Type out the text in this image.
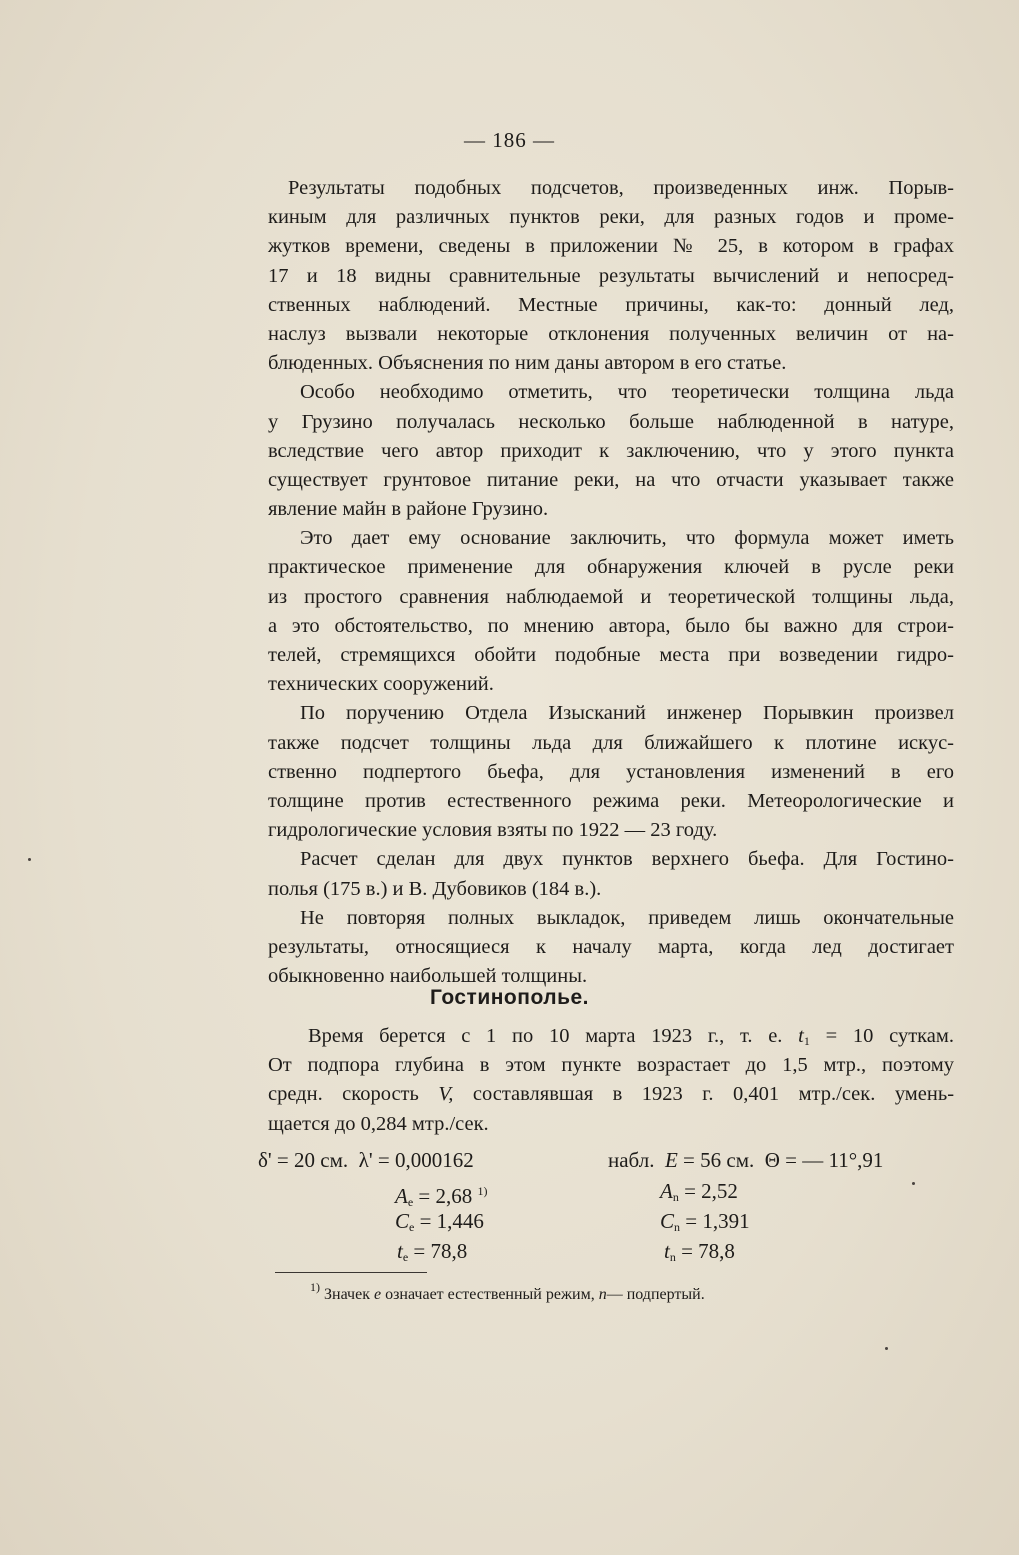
— 186 —
Результаты подобных подсчетов, произведенных инж. Порыв-
киным для различных пунктов реки, для разных годов и проме-
жутков времени, сведены в приложении № 25, в котором в графах
17 и 18 видны сравнительные результаты вычислений и непосред-
ственных наблюдений. Местные причины, как-то: донный лед,
наслуз вызвали некоторые отклонения полученных величин от на-
блюденных. Объяснения по ним даны автором в его статье.
Особо необходимо отметить, что теоретически толщина льда
у Грузино получалась несколько больше наблюденной в натуре,
вследствие чего автор приходит к заключению, что у этого пункта
существует грунтовое питание реки, на что отчасти указывает также
явление майн в районе Грузино.
Это дает ему основание заключить, что формула может иметь
практическое применение для обнаружения ключей в русле реки
из простого сравнения наблюдаемой и теоретической толщины льда,
а это обстоятельство, по мнению автора, было бы важно для строи-
телей, стремящихся обойти подобные места при возведении гидро-
технических сооружений.
По поручению Отдела Изысканий инженер Порывкин произвел
также подсчет толщины льда для ближайшего к плотине искус-
ственно подпертого бьефа, для установления изменений в его
толщине против естественного режима реки. Метеорологические и
гидрологические условия взяты по 1922 — 23 году.
Расчет сделан для двух пунктов верхнего бьефа. Для Гостино-
полья (175 в.) и В. Дубовиков (184 в.).
Не повторяя полных выкладок, приведем лишь окончательные
результаты, относящиеся к началу марта, когда лед достигает
обыкновенно наибольшей толщины.
Гостинополье.
Время берется с 1 по 10 марта 1923 г., т. е. $t_1 = 10$ суткам.
От подпора глубина в этом пункте возрастает до 1,5 мтр., поэтому
средн. скорость V, составлявшая в 1923 г. 0,401 мтр./сек. умень-
щается до 0,284 мтр./сек.
δ' = 20 см. λ' = 0,000162	набл. E = 56 см. Θ = — 11°,91
$A_e = 2,68$ $^{1)}$	$A_n = 2,52$
$C_e = 1,446$	$C_n = 1,391$
$t_e = 78,8$	$t_n = 78,8$
$^{1)}$ Значек e означает естественный режим, n— подпертый.
